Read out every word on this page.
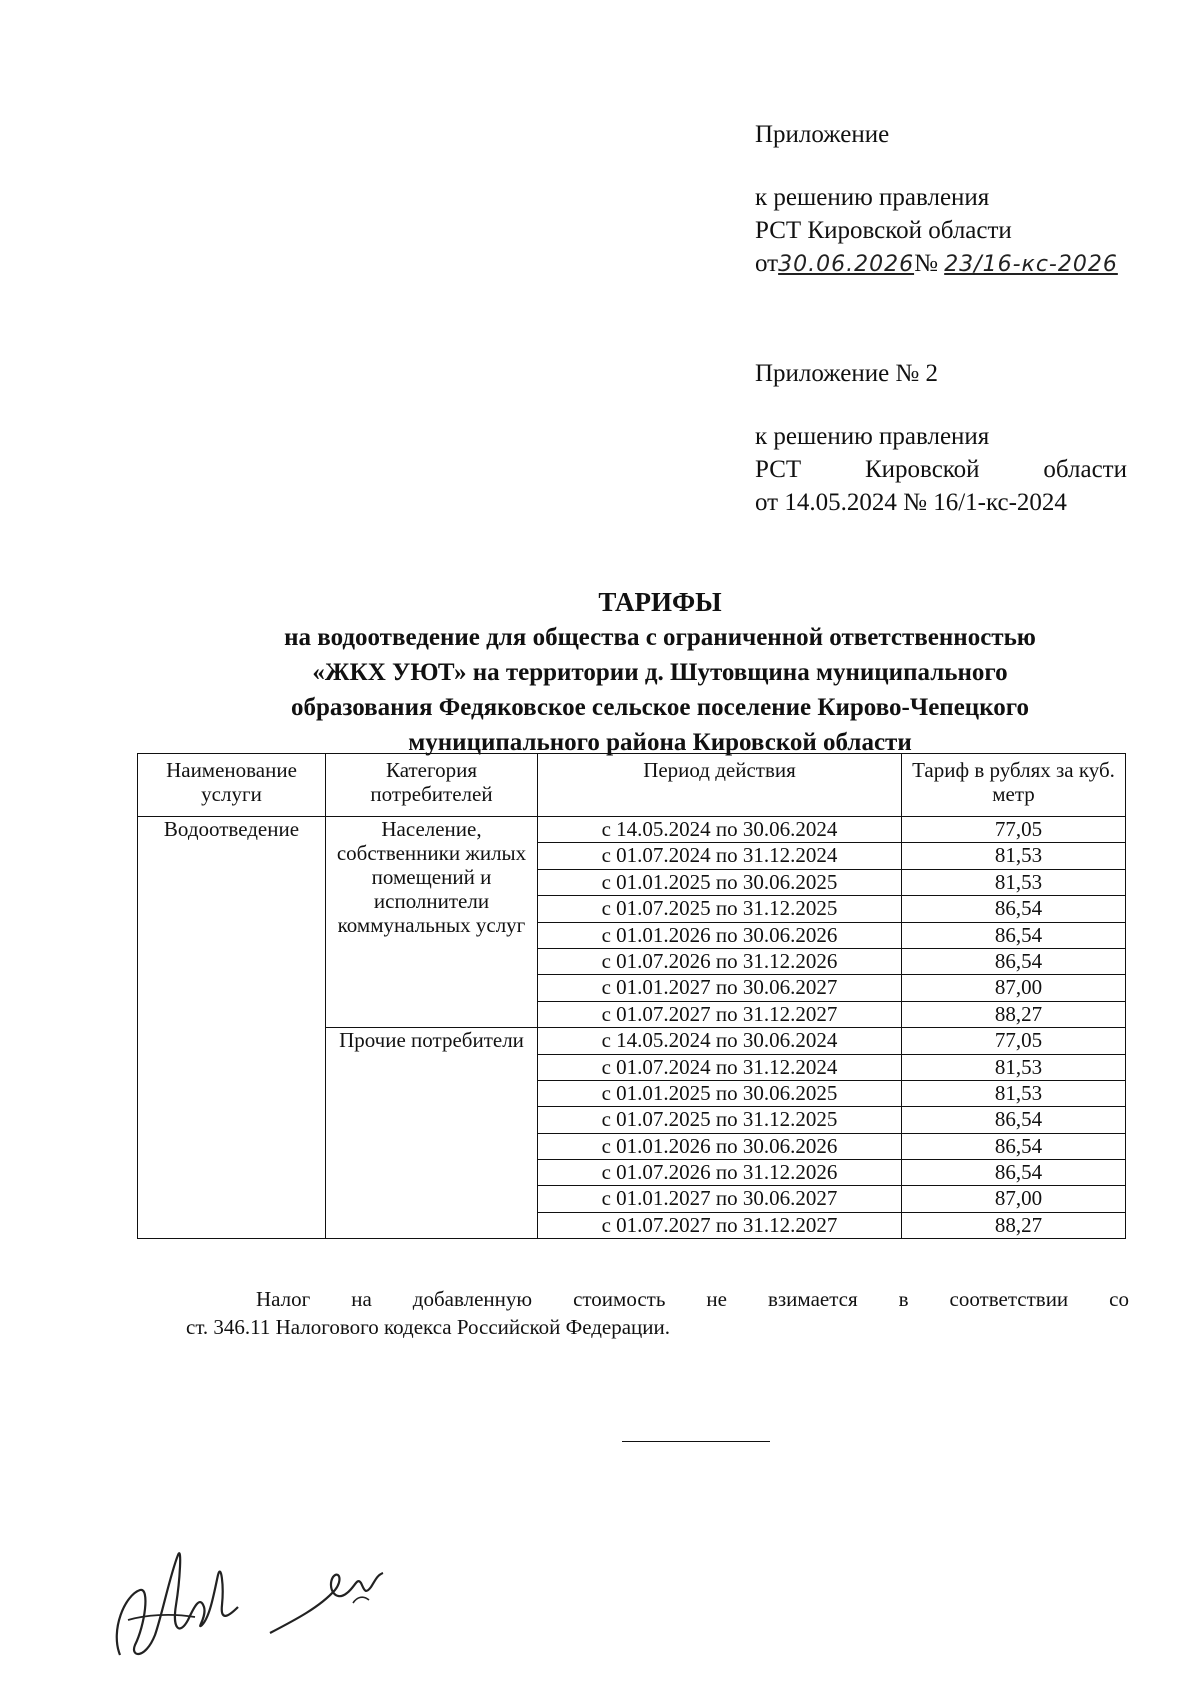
Приложение
к решению правления
РСТ Кировской области
от30.06.2026№ 23/16-кс-2026
Приложение № 2
к решению правления
РСТ	Кировской	области
от 14.05.2024 № 16/1-кс-2024
ТАРИФЫ
на водоотведение для общества с ограниченной ответственностью
«ЖКХ УЮТ» на территории д. Шутовщина муниципального
образования Федяковское сельское поселение Кирово-Чепецкого
муниципального района Кировской области
Наименование услуги	Категория потребителей	Период действия	Тариф в рублях за куб. метр
Водоотведение	Население, собственники жилых помещений и исполнители коммунальных услуг	с 14.05.2024 по 30.06.2024	77,05
		с 01.07.2024 по 31.12.2024	81,53
		с 01.01.2025 по 30.06.2025	81,53
		с 01.07.2025 по 31.12.2025	86,54
		с 01.01.2026 по 30.06.2026	86,54
		с 01.07.2026 по 31.12.2026	86,54
		с 01.01.2027 по 30.06.2027	87,00
		с 01.07.2027 по 31.12.2027	88,27
	Прочие потребители	с 14.05.2024 по 30.06.2024	77,05
		с 01.07.2024 по 31.12.2024	81,53
		с 01.01.2025 по 30.06.2025	81,53
		с 01.07.2025 по 31.12.2025	86,54
		с 01.01.2026 по 30.06.2026	86,54
		с 01.07.2026 по 31.12.2026	86,54
		с 01.01.2027 по 30.06.2027	87,00
		с 01.07.2027 по 31.12.2027	88,27
Налог на добавленную стоимость не взимается в соответствии со
ст. 346.11 Налогового кодекса Российской Федерации.
